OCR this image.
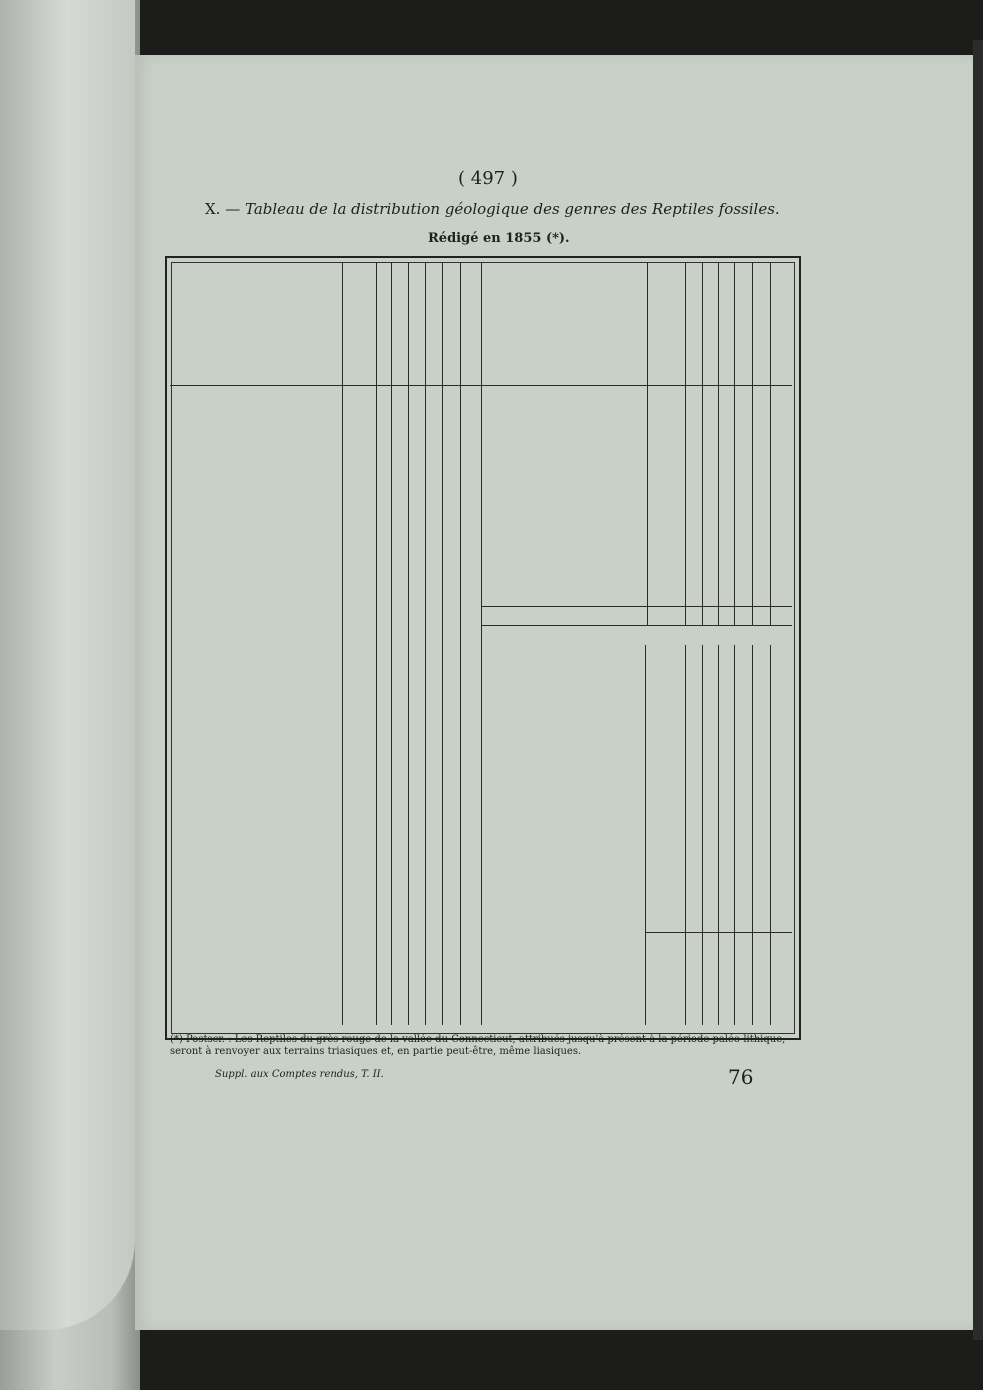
( 497 )
X. — Tableau de la distribution géologique des genres des Reptiles fossiles.
Rédigé en 1855 (*).
(*) Postscr. : Les Reptiles du grès rouge de la vallée du Connecticut, attribués jusqu'à présent à la période paléo-lithique, seront à renvoyer aux terrains triasiques et, en partie peut-être, même liasiques.
Suppl. aux Comptes rendus, T. II.	76
